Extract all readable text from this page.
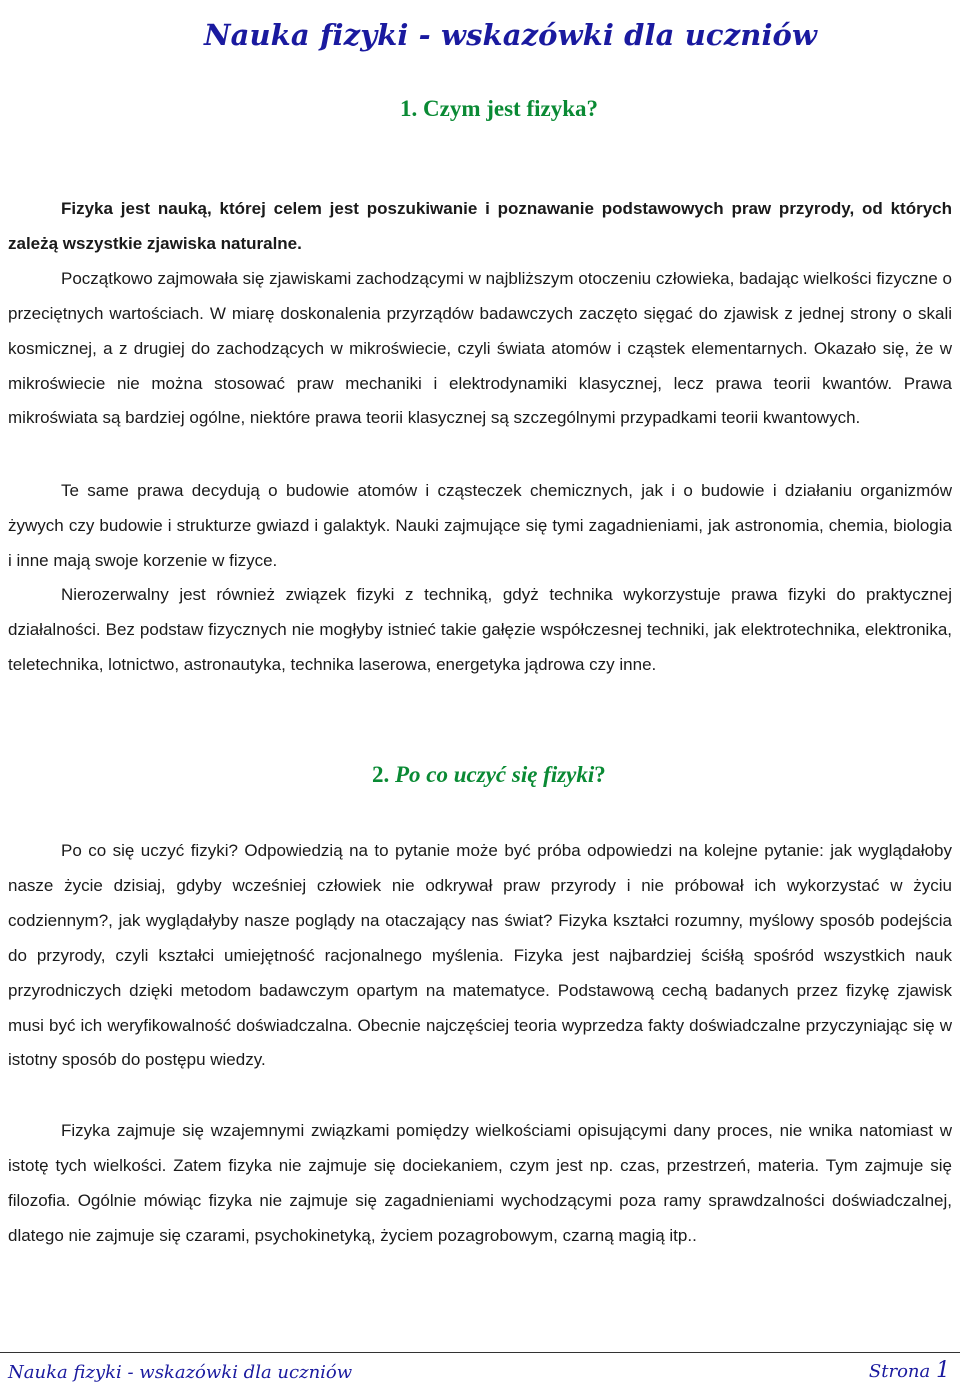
Nauka fizyki - wskazówki dla uczniów
1. Czym jest fizyka?

Fizyka jest nauką, której celem jest poszukiwanie i poznawanie podstawowych praw przyrody, od których zależą wszystkie zjawiska naturalne.
Początkowo zajmowała się zjawiskami zachodzącymi w najbliższym otoczeniu człowieka, badając wielkości fizyczne o przeciętnych wartościach. W miarę doskonalenia przyrządów badawczych zaczęto sięgać do zjawisk z jednej strony o skali kosmicznej, a z drugiej do zachodzących w mikroświecie, czyli świata atomów i cząstek elementarnych. Okazało się, że w mikroświecie nie można stosować praw mechaniki i elektrodynamiki klasycznej, lecz prawa teorii kwantów. Prawa mikroświata są bardziej ogólne, niektóre prawa teorii klasycznej są szczególnymi przypadkami teorii kwantowych.

Te same prawa decydują o budowie atomów i cząsteczek chemicznych, jak i o budowie i działaniu organizmów żywych czy budowie i strukturze gwiazd i galaktyk. Nauki zajmujące się tymi zagadnieniami, jak astronomia, chemia, biologia i inne mają swoje korzenie w fizyce.

Nierozerwalny jest również związek fizyki z techniką, gdyż technika wykorzystuje prawa fizyki do praktycznej działalności. Bez podstaw fizycznych nie mogłyby istnieć takie gałęzie współczesnej techniki, jak elektrotechnika, elektronika, teletechnika, lotnictwo, astronautyka, technika laserowa, energetyka jądrowa czy inne.

2. Po co uczyć się fizyki?

Po co się uczyć fizyki? Odpowiedzią na to pytanie może być próba odpowiedzi na kolejne pytanie: jak wyglądałoby nasze życie dzisiaj, gdyby wcześniej człowiek nie odkrywał praw przyrody i nie próbował ich wykorzystać w życiu codziennym?, jak wyglądałyby nasze poglądy na otaczający nas świat? Fizyka kształci rozumny, myślowy sposób podejścia do przyrody, czyli kształci umiejętność racjonalnego myślenia. Fizyka jest najbardziej ściśłą spośród wszystkich nauk przyrodniczych dzięki metodom badawczym opartym na matematyce. Podstawową cechą badanych przez fizykę zjawisk musi być ich weryfikowalność doświadczalna. Obecnie najczęściej teoria wyprzedza fakty doświadczalne przyczyniając się w istotny sposób do postępu wiedzy.

Fizyka zajmuje się wzajemnymi związkami pomiędzy wielkościami opisującymi dany proces, nie wnika natomiast w istotę tych wielkości. Zatem fizyka nie zajmuje się dociekaniem, czym jest np. czas, przestrzeń, materia. Tym zajmuje się filozofia. Ogólnie mówiąc fizyka nie zajmuje się zagadnieniami wychodzącymi poza ramy sprawdzalności doświadczalnej, dlatego nie zajmuje się czarami, psychokinetyką, życiem pozagrobowym, czarną magią itp..

Nauka fizyki - wskazówki dla uczniów	Strona 1
